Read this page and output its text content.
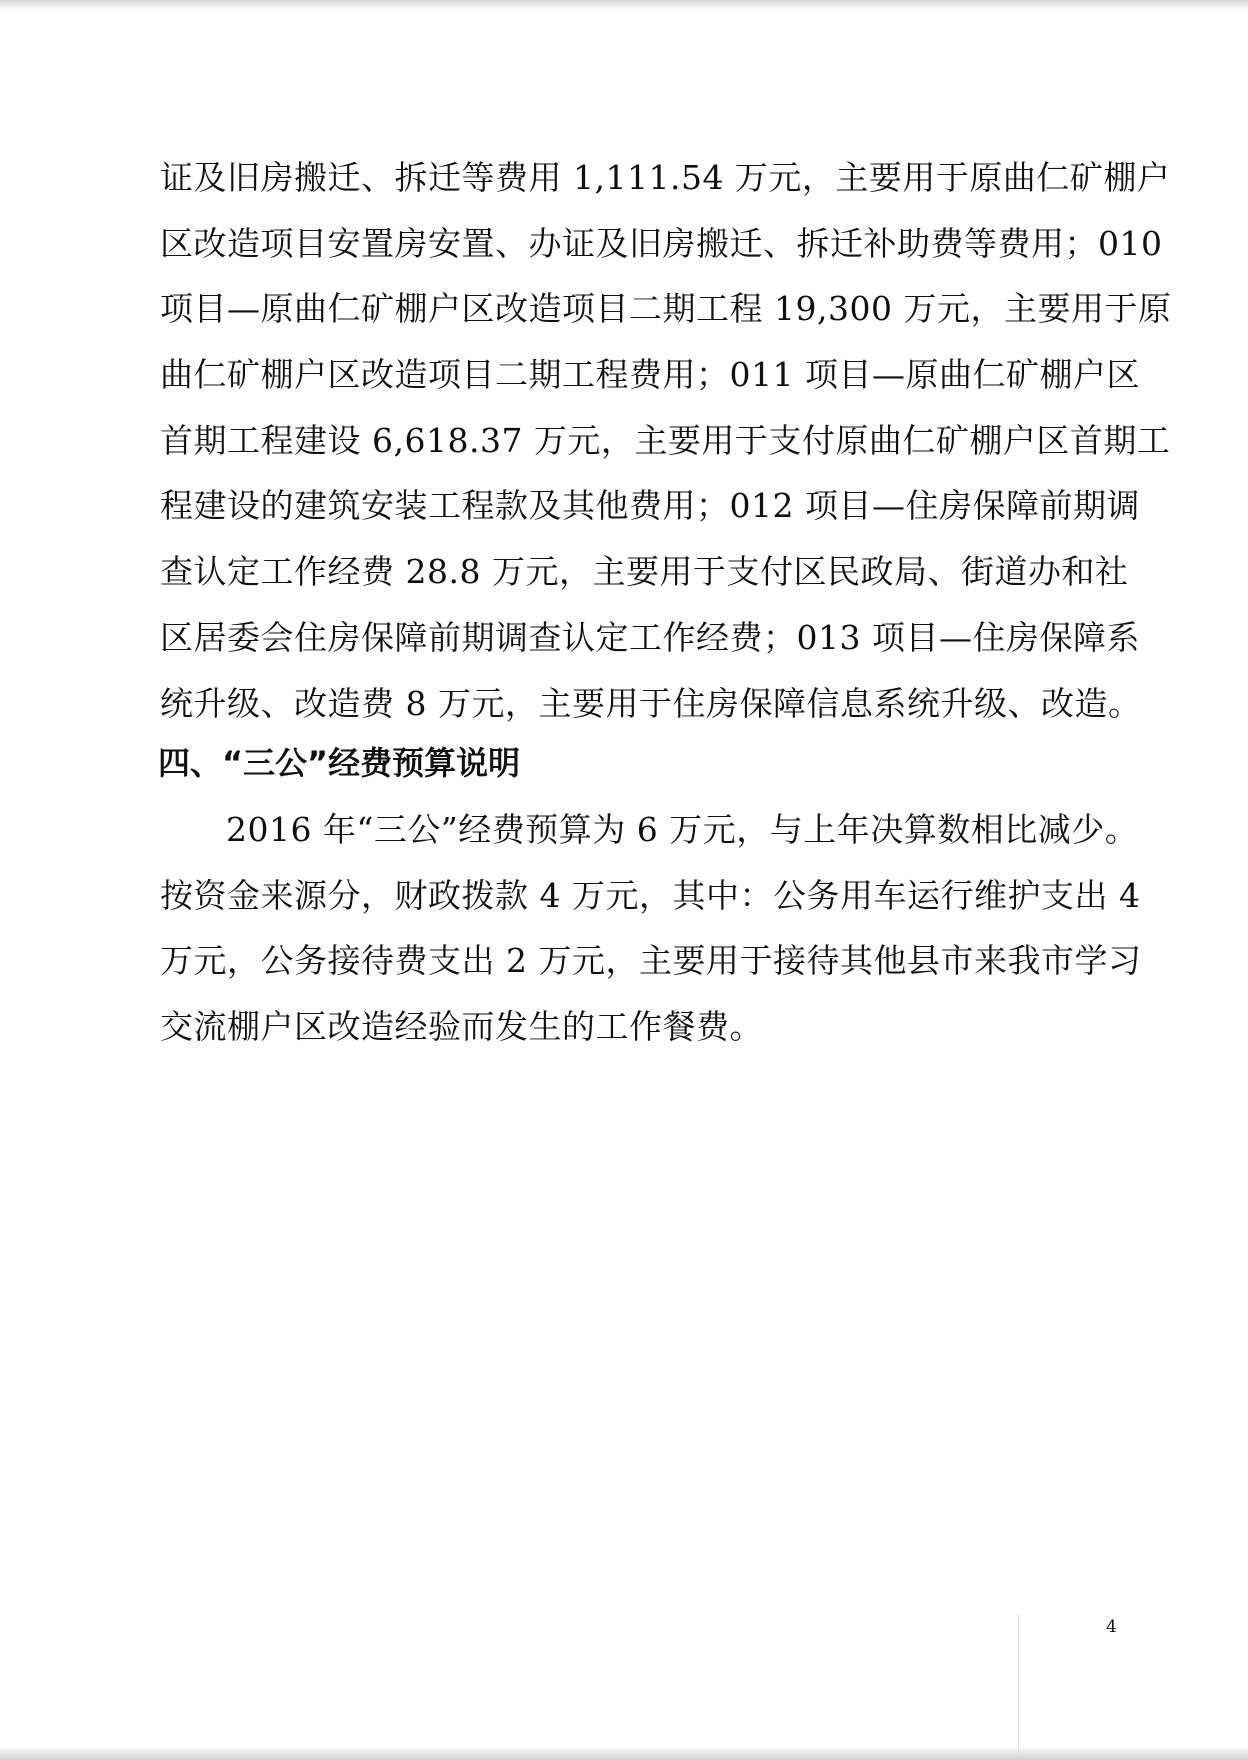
证及旧房搬迁、拆迁等费用 1,111.54 万元，主要用于原曲仁矿棚户
区改造项目安置房安置、办证及旧房搬迁、拆迁补助费等费用；010
项目—原曲仁矿棚户区改造项目二期工程 19,300 万元，主要用于原
曲仁矿棚户区改造项目二期工程费用；011 项目—原曲仁矿棚户区
首期工程建设 6,618.37 万元，主要用于支付原曲仁矿棚户区首期工
程建设的建筑安装工程款及其他费用；012 项目—住房保障前期调
查认定工作经费 28.8 万元，主要用于支付区民政局、街道办和社
区居委会住房保障前期调查认定工作经费；013 项目—住房保障系
统升级、改造费 8 万元，主要用于住房保障信息系统升级、改造。
四、“三公”经费预算说明
2016 年“三公”经费预算为 6 万元，与上年决算数相比减少。
按资金来源分，财政拨款 4 万元，其中：公务用车运行维护支出 4
万元，公务接待费支出 2 万元，主要用于接待其他县市来我市学习
交流棚户区改造经验而发生的工作餐费。
4
